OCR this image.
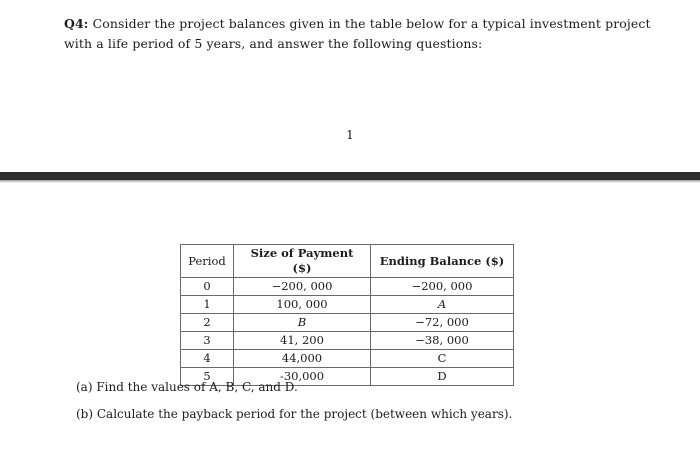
Q4: Consider the project balances given in the table below for a typical investment project
with a life period of 5 years, and answer the following questions:
1
Period	Size of Payment ($)	Ending Balance ($)
0	−200, 000	−200, 000
1	100, 000	A
2	B	−72, 000
3	41, 200	−38, 000
4	44,000	C
5	-30,000	D
(a) Find the values of A, B, C, and D.
(b) Calculate the payback period for the project (between which years).
